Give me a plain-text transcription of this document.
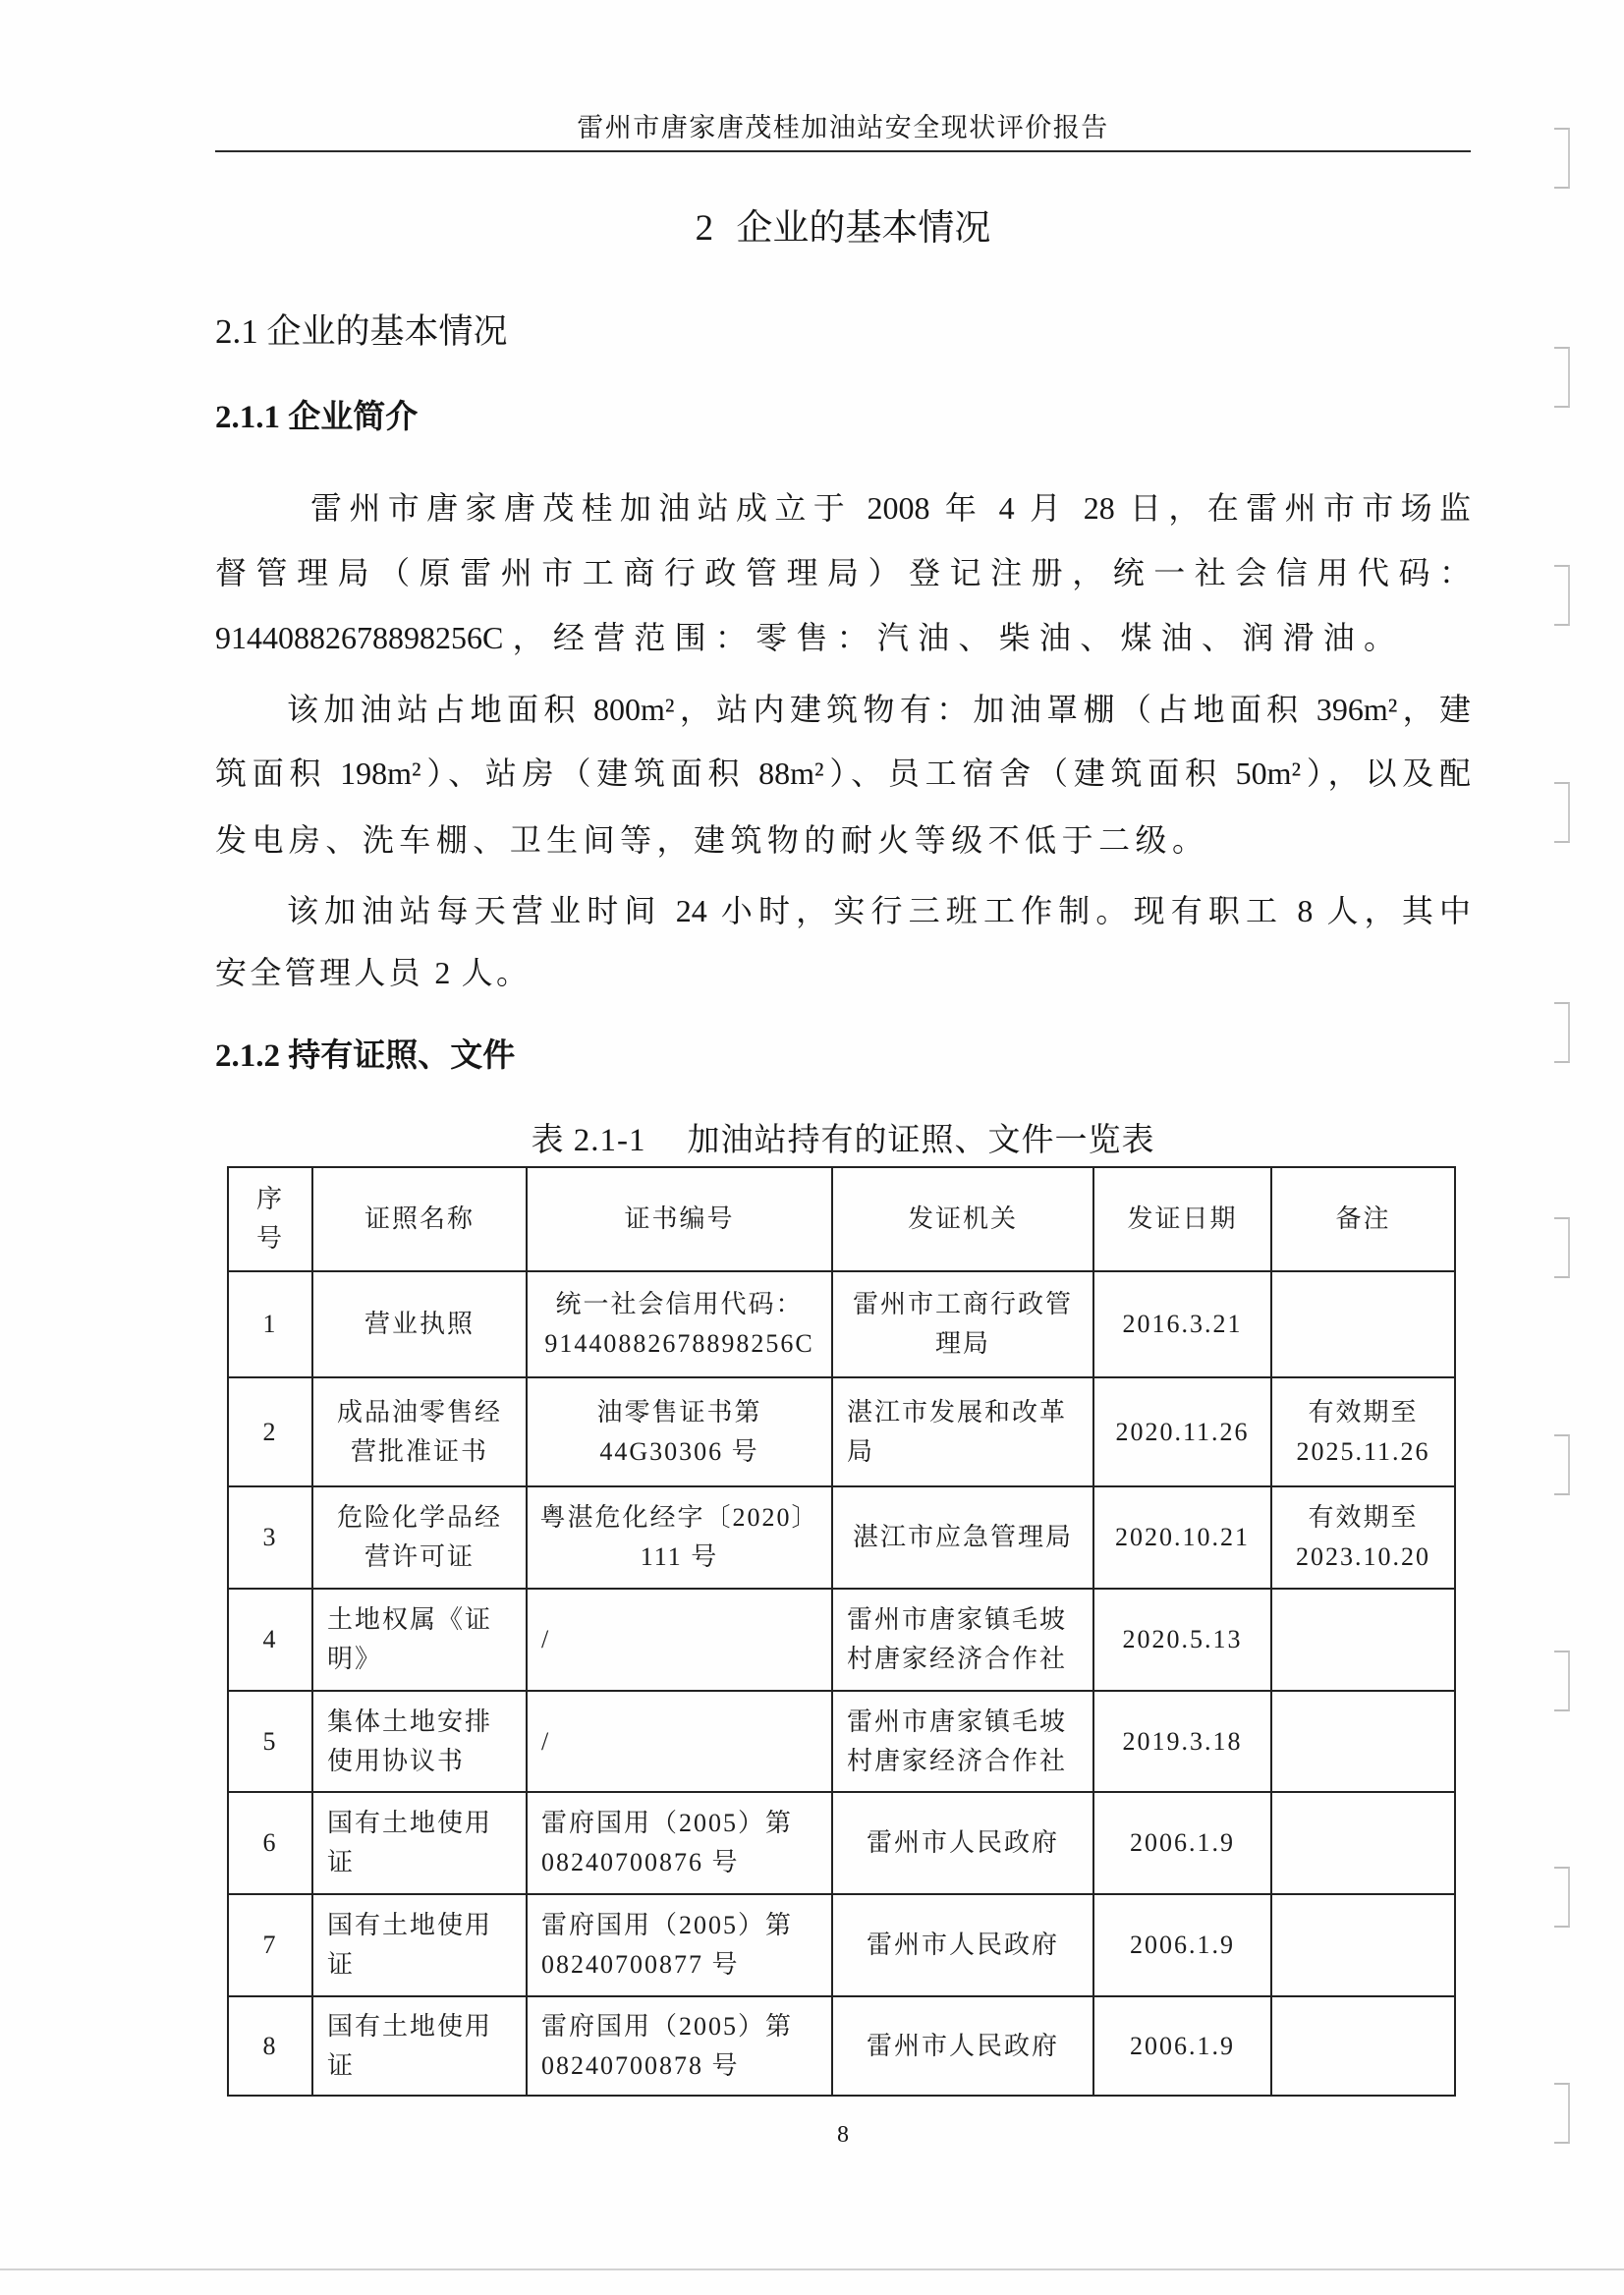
雷州市唐家唐茂桂加油站安全现状评价报告
2 企业的基本情况
2.1 企业的基本情况
2.1.1 企业简介
雷州市唐家唐茂桂加油站成立于 2008 年 4 月 28 日，在雷州市市场监
督管理局（原雷州市工商行政管理局）登记注册，统一社会信用代码：
91440882678898256C，经营范围：零售：汽油、柴油、煤油、润滑油。
该加油站占地面积 800m²，站内建筑物有：加油罩棚（占地面积 396m²，建
筑面积 198m²）、站房（建筑面积 88m²）、员工宿舍（建筑面积 50m²），以及配
发电房、洗车棚、卫生间等，建筑物的耐火等级不低于二级。
该加油站每天营业时间 24 小时，实行三班工作制。现有职工 8 人，其中
安全管理人员 2 人。
2.1.2 持有证照、文件
表 2.1-1 加油站持有的证照、文件一览表
序
号	证照名称	证书编号	发证机关	发证日期	备注

1	营业执照	统一社会信用代码：
91440882678898256C	雷州市工商行政管
理局	2016.3.21	

2	成品油零售经
营批准证书	油零售证书第
44G30306 号	湛江市发展和改革
局	2020.11.26	有效期至
2025.11.26

3	危险化学品经
营许可证	粤湛危化经字〔2020〕
111 号	湛江市应急管理局	2020.10.21	有效期至
2023.10.20

4	土地权属《证
明》	/	雷州市唐家镇毛坡
村唐家经济合作社	2020.5.13	

5	集体土地安排
使用协议书	/	雷州市唐家镇毛坡
村唐家经济合作社	2019.3.18	

6	国有土地使用
证	雷府国用（2005）第
08240700876 号	雷州市人民政府	2006.1.9	

7	国有土地使用
证	雷府国用（2005）第
08240700877 号	雷州市人民政府	2006.1.9	

8	国有土地使用
证	雷府国用（2005）第
08240700878 号	雷州市人民政府	2006.1.9	

8
